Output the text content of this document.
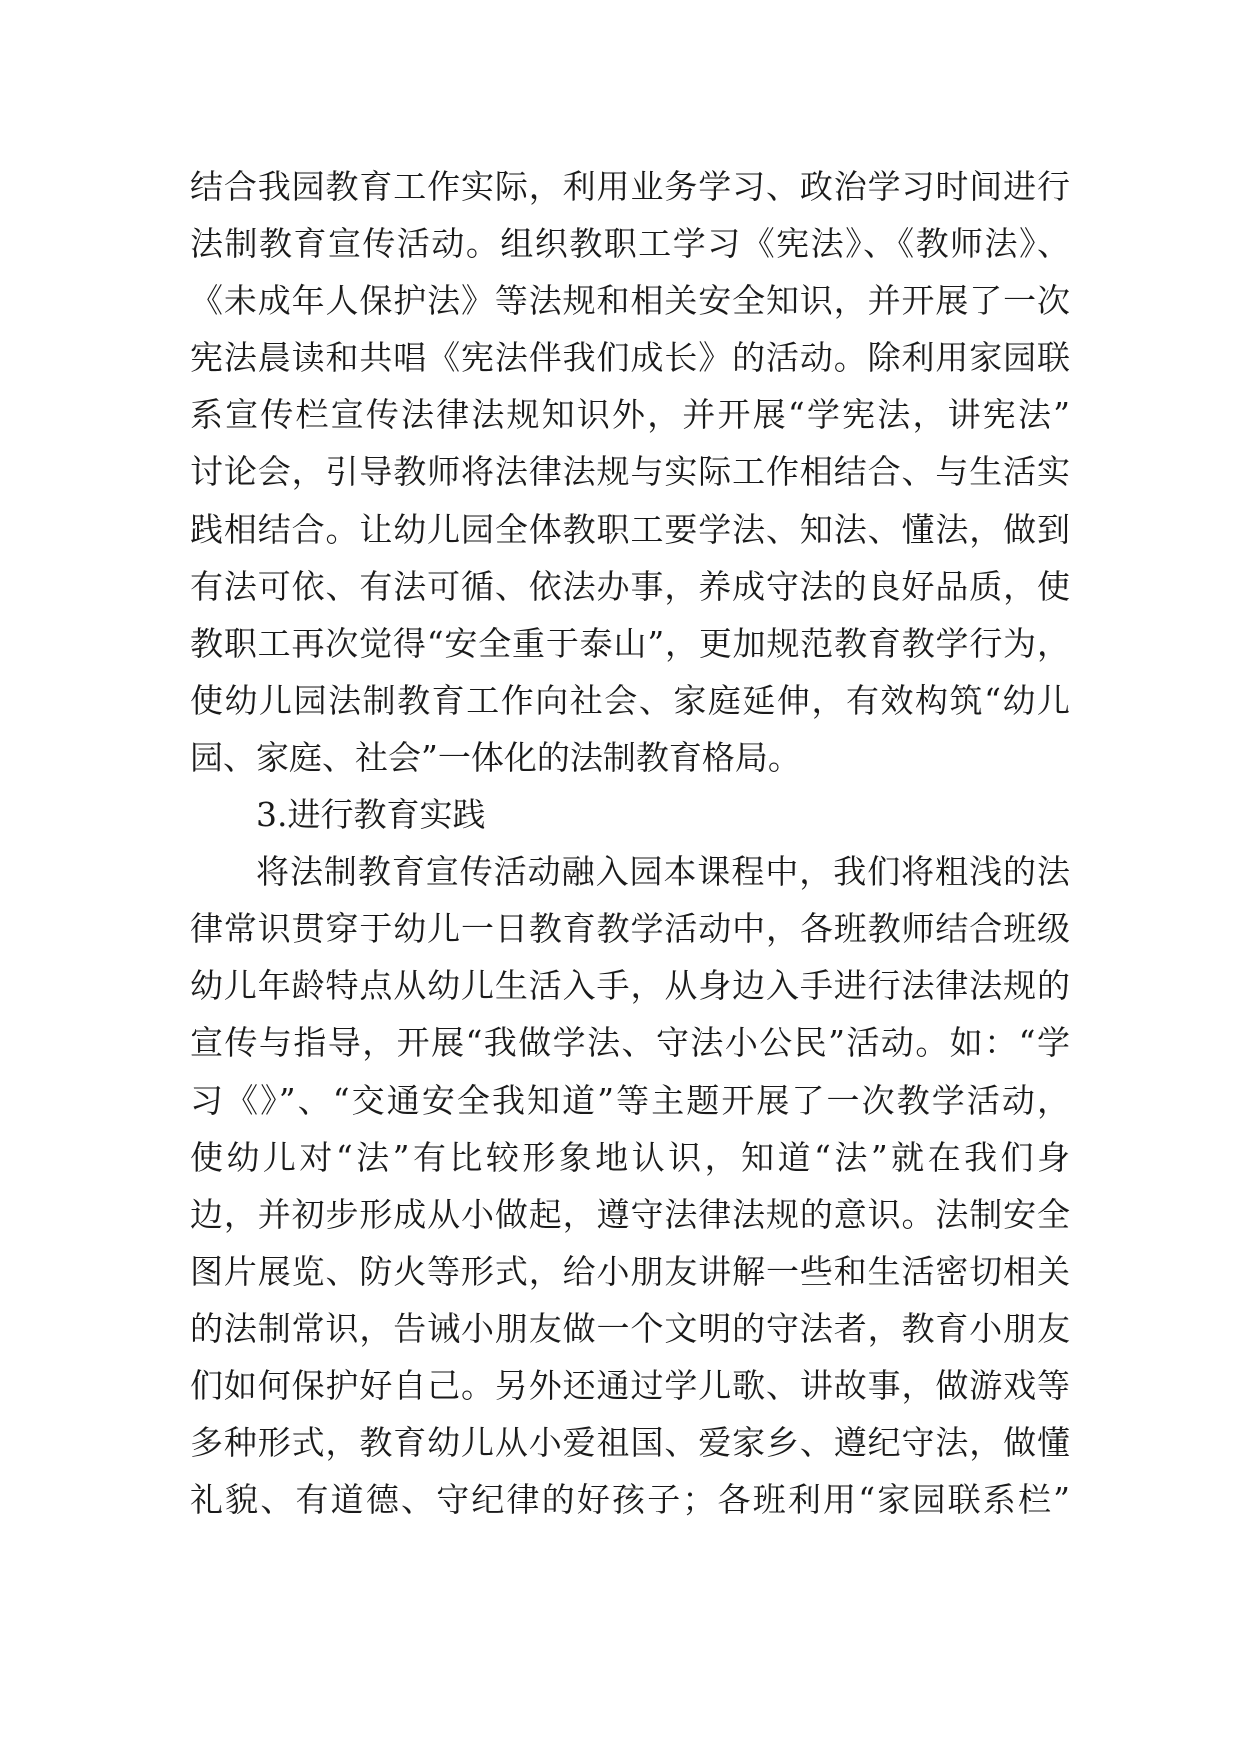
结合我园教育工作实际，利用业务学习、政治学习时间进行
法制教育宣传活动。组织教职工学习《宪法》、《教师法》、
《未成年人保护法》等法规和相关安全知识，并开展了一次
宪法晨读和共唱《宪法伴我们成长》的活动。除利用家园联
系宣传栏宣传法律法规知识外，并开展“学宪法，讲宪法”
讨论会，引导教师将法律法规与实际工作相结合、与生活实
践相结合。让幼儿园全体教职工要学法、知法、懂法，做到
有法可依、有法可循、依法办事，养成守法的良好品质，使
教职工再次觉得“安全重于泰山”，更加规范教育教学行为，
使幼儿园法制教育工作向社会、家庭延伸，有效构筑“幼儿
园、家庭、社会”一体化的法制教育格局。
3.进行教育实践
将法制教育宣传活动融入园本课程中，我们将粗浅的法
律常识贯穿于幼儿一日教育教学活动中，各班教师结合班级
幼儿年龄特点从幼儿生活入手，从身边入手进行法律法规的
宣传与指导，开展“我做学法、守法小公民”活动。如：“学
习《》”、“交通安全我知道”等主题开展了一次教学活动，
使幼儿对“法”有比较形象地认识，知道“法”就在我们身
边，并初步形成从小做起，遵守法律法规的意识。法制安全
图片展览、防火等形式，给小朋友讲解一些和生活密切相关
的法制常识，告诫小朋友做一个文明的守法者，教育小朋友
们如何保护好自己。另外还通过学儿歌、讲故事，做游戏等
多种形式，教育幼儿从小爱祖国、爱家乡、遵纪守法，做懂
礼貌、有道德、守纪律的好孩子；各班利用“家园联系栏”
